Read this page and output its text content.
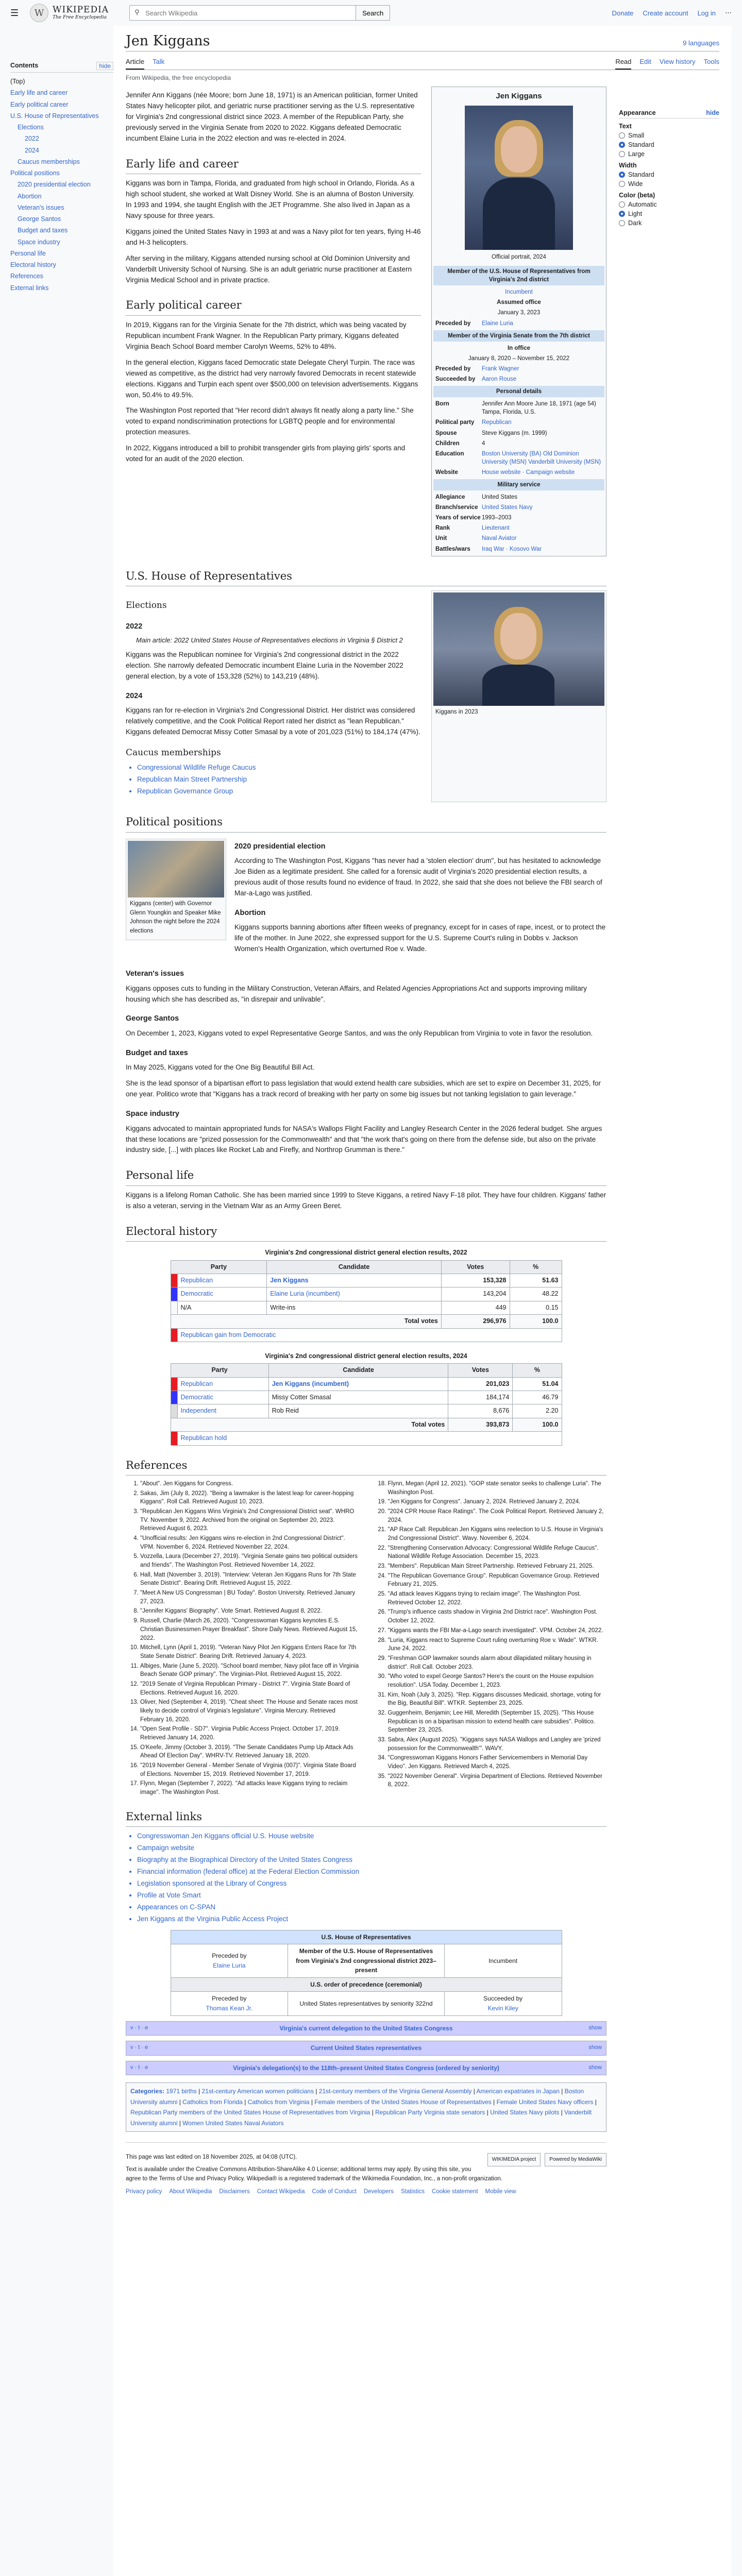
☰	W WIKIPEDIA
The Free Encyclopedia
⚲
Search Wikipedia	Search	Donate Create account Log in ⋯
Contents	hide
(Top)
Early life and career
Early political career
U.S. House of Representatives
Elections
2022
2024
Caucus memberships
Political positions
2020 presidential election
Abortion
Veteran's issues
George Santos
Budget and taxes
Space industry
Personal life
Electoral history
References
External links
Jen Kiggans	9 languages
Article Talk	Read Edit View history Tools
From Wikipedia, the free encyclopedia

Jennifer Ann Kiggans (née Moore; born June 18, 1971) is an American politician, former United States Navy helicopter pilot, and geriatric nurse practitioner serving as the U.S. representative for Virginia's 2nd congressional district since 2023. A member of the Republican Party, she previously served in the Virginia Senate from 2020 to 2022. Kiggans defeated Democratic incumbent Elaine Luria in the 2022 election and was re-elected in 2024.

Early life and career

Kiggans was born in Tampa, Florida, and graduated from high school in Orlando, Florida. As a high school student, she worked at Walt Disney World. She is an alumna of Boston University. In 1993 and 1994, she taught English with the JET Programme. She also lived in Japan as a Navy spouse for three years.

Kiggans joined the United States Navy in 1993 at and was a Navy pilot for ten years, flying H-46 and H-3 helicopters.

After serving in the military, Kiggans attended nursing school at Old Dominion University and Vanderbilt University School of Nursing. She is an adult geriatric nurse practitioner at Eastern Virginia Medical School and in private practice.

Early political career

In 2019, Kiggans ran for the Virginia Senate for the 7th district, which was being vacated by Republican incumbent Frank Wagner. In the Republican Party primary, Kiggans defeated Virginia Beach School Board member Carolyn Weems, 52% to 48%.

In the general election, Kiggans faced Democratic state Delegate Cheryl Turpin. The race was viewed as competitive, as the district had very narrowly favored Democrats in recent statewide elections. Kiggans and Turpin each spent over $500,000 on television advertisements. Kiggans won, 50.4% to 49.5%.

The Washington Post reported that "Her record didn't always fit neatly along a party line." She voted to expand nondiscrimination protections for LGBTQ people and for environmental protection measures.

In 2022, Kiggans introduced a bill to prohibit transgender girls from playing girls' sports and voted for an audit of the 2020 election.

Jen Kiggans
Official portrait, 2024
Member of the U.S. House of Representatives from Virginia's 2nd district
Incumbent
Assumed office
January 3, 2023
Preceded by	Elaine Luria
Member of the Virginia Senate from the 7th district
In office
January 8, 2020 – November 15, 2022
Preceded by	Frank Wagner
Succeeded by	Aaron Rouse
Personal details
Born	Jennifer Ann Moore June 18, 1971 (age 54) Tampa, Florida, U.S.
Political party	Republican
Spouse	Steve Kiggans (m. 1999)
Children	4
Education	Boston University (BA) Old Dominion University (MSN) Vanderbilt University (MSN)
Website	House website · Campaign website
Military service
Allegiance	United States
Branch/service United States Navy
Years of service 1993–2003
Rank	Lieutenant
Unit	Naval Aviator
Battles/wars	Iraq War · Kosovo War
U.S. House of Representatives
Elections
2022
Main article: 2022 United States House of Representatives elections in Virginia § District 2

Kiggans was the Republican nominee for Virginia's 2nd congressional district in the 2022 election. She narrowly defeated Democratic incumbent Elaine Luria in the November 2022 general election, by a vote of 153,328 (52%) to 143,219 (48%).

2024

Kiggans ran for re-election in Virginia's 2nd Congressional District. Her district was considered relatively competitive, and the Cook Political Report rated her district as "lean Republican." Kiggans defeated Democrat Missy Cotter Smasal by a vote of 201,023 (51%) to 184,174 (47%).

Caucus memberships
• Congressional Wildlife Refuge Caucus
• Republican Main Street Partnership
• Republican Governance Group
Kiggans in 2023
Political positions
Kiggans (center) with Governor Glenn Youngkin and Speaker Mike Johnson the night before the 2024 elections
2020 presidential election

According to The Washington Post, Kiggans "has never had a 'stolen election' drum", but has hesitated to acknowledge Joe Biden as a legitimate president. She called for a forensic audit of Virginia's 2020 presidential election results, a previous audit of those results found no evidence of fraud. In 2022, she said that she does not believe the FBI search of Mar-a-Lago was justified.

Abortion

Kiggans supports banning abortions after fifteen weeks of pregnancy, except for in cases of rape, incest, or to protect the life of the mother. In June 2022, she expressed support for the U.S. Supreme Court's ruling in Dobbs v. Jackson Women's Health Organization, which overturned Roe v. Wade.

Veteran's issues

Kiggans opposes cuts to funding in the Military Construction, Veteran Affairs, and Related Agencies Appropriations Act and supports improving military housing which she has described as, "in disrepair and unlivable".

George Santos

On December 1, 2023, Kiggans voted to expel Representative George Santos, and was the only Republican from Virginia to vote in favor the resolution.

Budget and taxes

In May 2025, Kiggans voted for the One Big Beautiful Bill Act.

She is the lead sponsor of a bipartisan effort to pass legislation that would extend health care subsidies, which are set to expire on December 31, 2025, for one year. Politico wrote that "Kiggans has a track record of breaking with her party on some big issues but not tanking legislation to gain leverage."

Space industry

Kiggans advocated to maintain appropriated funds for NASA's Wallops Flight Facility and Langley Research Center in the 2026 federal budget. She argues that these locations are "prized possession for the Commonwealth" and that "the work that's going on there from the defense side, but also on the private industry side, [...] with places like Rocket Lab and Firefly, and Northrop Grumman is there."

Personal life

Kiggans is a lifelong Roman Catholic. She has been married since 1999 to Steve Kiggans, a retired Navy F-18 pilot. They have four children. Kiggans' father is also a veteran, serving in the Vietnam War as an Army Green Beret.

Electoral history
Virginia's 2nd congressional district general election results, 2022
Party		Candidate	Votes	%
	Republican	Jen Kiggans	153,328	51.63
	Democratic	Elaine Luria (incumbent)	143,204	48.22
	N/A	Write-ins	449	0.15
Total votes			296,976	100.0
	Republican gain from Democratic			
Virginia's 2nd congressional district general election results, 2024
Party		Candidate	Votes	%
	Republican	Jen Kiggans (incumbent)	201,023	51.04
	Democratic	Missy Cotter Smasal	184,174	46.79
	Independent	Rob Reid	8,676	2.20
Total votes			393,873	100.0
	Republican hold			
References
1. "About". Jen Kiggans for Congress.
2. Sakas, Jim (July 8, 2022). "Being a lawmaker is the latest leap for career-hopping Kiggans". Roll Call. Retrieved August 10, 2023.
3. "Republican Jen Kiggans Wins Virginia's 2nd Congressional District seat". WHRO TV. November 9, 2022. Archived from the original on September 20, 2023. Retrieved August 6, 2023.
4. "Unofficial results: Jen Kiggans wins re-election in 2nd Congressional District". VPM. November 6, 2024. Retrieved November 22, 2024.
5. Vozzella, Laura (December 27, 2019). "Virginia Senate gains two political outsiders and friends". The Washington Post. Retrieved November 14, 2022.
6. Hall, Matt (November 3, 2019). "Interview: Veteran Jen Kiggans Runs for 7th State Senate District". Bearing Drift. Retrieved August 15, 2022.
7. "Meet A New US Congressman | BU Today". Boston University. Retrieved January 27, 2023.
8. "Jennifer Kiggans' Biography". Vote Smart. Retrieved August 8, 2022.
9. Russell, Charlie (March 26, 2020). "Congresswoman Kiggans keynotes E.S. Christian Businessmen Prayer Breakfast". Shore Daily News. Retrieved August 15, 2022.
10. Mitchell, Lynn (April 1, 2019). "Veteran Navy Pilot Jen Kiggans Enters Race for 7th State Senate District". Bearing Drift. Retrieved January 4, 2023.
11. Albiges, Marie (June 5, 2020). "School board member, Navy pilot face off in Virginia Beach Senate GOP primary". The Virginian-Pilot. Retrieved August 15, 2022.
12. "2019 Senate of Virginia Republican Primary - District 7". Virginia State Board of Elections. Retrieved August 16, 2020.
13. Oliver, Ned (September 4, 2019). "Cheat sheet: The House and Senate races most likely to decide control of Virginia's legislature". Virginia Mercury. Retrieved February 16, 2020.
14. "Open Seat Profile - SD7". Virginia Public Access Project. October 17, 2019. Retrieved January 14, 2020.
15. O'Keefe, Jimmy (October 3, 2019). "The Senate Candidates Pump Up Attack Ads Ahead Of Election Day". WHRV-TV. Retrieved January 18, 2020.
16. "2019 November General - Member Senate of Virginia (007)". Virginia State Board of Elections. November 15, 2019. Retrieved November 17, 2019.
17. Flynn, Megan (September 7, 2022). "Ad attacks leave Kiggans trying to reclaim image". The Washington Post.
18. Flynn, Megan (April 12, 2021). "GOP state senator seeks to challenge Luria". The Washington Post.
19. "Jen Kiggans for Congress". January 2, 2024. Retrieved January 2, 2024.
20. "2024 CPR House Race Ratings". The Cook Political Report. Retrieved January 2, 2024.
21. "AP Race Call: Republican Jen Kiggans wins reelection to U.S. House in Virginia's 2nd Congressional District". Wavy. November 6, 2024.
22. "Strengthening Conservation Advocacy: Congressional Wildlife Refuge Caucus". National Wildlife Refuge Association. December 15, 2023.
23. "Members". Republican Main Street Partnership. Retrieved February 21, 2025.
24. "The Republican Governance Group". Republican Governance Group. Retrieved February 21, 2025.
25. "Ad attack leaves Kiggans trying to reclaim image". The Washington Post. Retrieved October 12, 2022.
26. "Trump's influence casts shadow in Virginia 2nd District race". Washington Post. October 12, 2022.
27. "Kiggans wants the FBI Mar-a-Lago search investigated". VPM. October 24, 2022.
28. "Luria, Kiggans react to Supreme Court ruling overturning Roe v. Wade". WTKR. June 24, 2022.
29. "Freshman GOP lawmaker sounds alarm about dilapidated military housing in district". Roll Call. October 2023.
30. "Who voted to expel George Santos? Here's the count on the House expulsion resolution". USA Today. December 1, 2023.
31. Kim, Noah (July 3, 2025). "Rep. Kiggans discusses Medicaid, shortage, voting for the Big, Beautiful Bill". WTKR. September 23, 2025.
32. Guggenheim, Benjamin; Lee Hill, Meredith (September 15, 2025). "This House Republican is on a bipartisan mission to extend health care subsidies". Politico. September 23, 2025.
33. Sabra, Alex (August 2025). "Kiggans says NASA Wallops and Langley are 'prized possession for the Commonwealth'". WAVY.
34. "Congresswoman Kiggans Honors Father Servicemembers in Memorial Day Video". Jen Kiggans. Retrieved March 4, 2025.
35. "2022 November General". Virginia Department of Elections. Retrieved November 8, 2022.
External links
• Congresswoman Jen Kiggans official U.S. House website
• Campaign website
• Biography at the Biographical Directory of the United States Congress
• Financial information (federal office) at the Federal Election Commission
• Legislation sponsored at the Library of Congress
• Profile at Vote Smart
• Appearances on C-SPAN
• Jen Kiggans at the Virginia Public Access Project
U.S. House of Representatives		
Preceded by
Elaine Luria	Member of the U.S. House of Representatives from Virginia's 2nd congressional district 2023–present	Incumbent
U.S. order of precedence (ceremonial)		
Preceded by
Thomas Kean Jr.	United States representatives by seniority 322nd	Succeeded by
Kevin Kiley
v · t · e	Virginia's current delegation to the United States Congress	show
v · t · e	Current United States representatives	show
v · t · e	Virginia's delegation(s) to the 118th–present United States Congress (ordered by seniority)	show
Categories: 1971 births | 21st-century American women politicians | 21st-century members of the Virginia General Assembly | American expatriates in Japan | Boston University alumni | Catholics from Florida | Catholics from Virginia | Female members of the United States House of Representatives | Female United States Navy officers | Republican Party members of the United States House of Representatives from Virginia | Republican Party Virginia state senators | United States Navy pilots | Vanderbilt University alumni | Women United States Naval Aviators
WIKIMEDIA project	Powered by MediaWiki
This page was last edited on 18 November 2025, at 04:08 (UTC).
Text is available under the Creative Commons Attribution-ShareAlike 4.0 License; additional terms may apply. By using this site, you agree to the Terms of Use and Privacy Policy. Wikipedia® is a registered trademark of the Wikimedia Foundation, Inc., a non-profit organization.
Privacy policy About Wikipedia Disclaimers Contact Wikipedia Code of Conduct Developers Statistics Cookie statement Mobile view
Appearance	hide
Text
Small
Standard
Large
Width
Standard
Wide
Color (beta)
Automatic
Light
Dark
